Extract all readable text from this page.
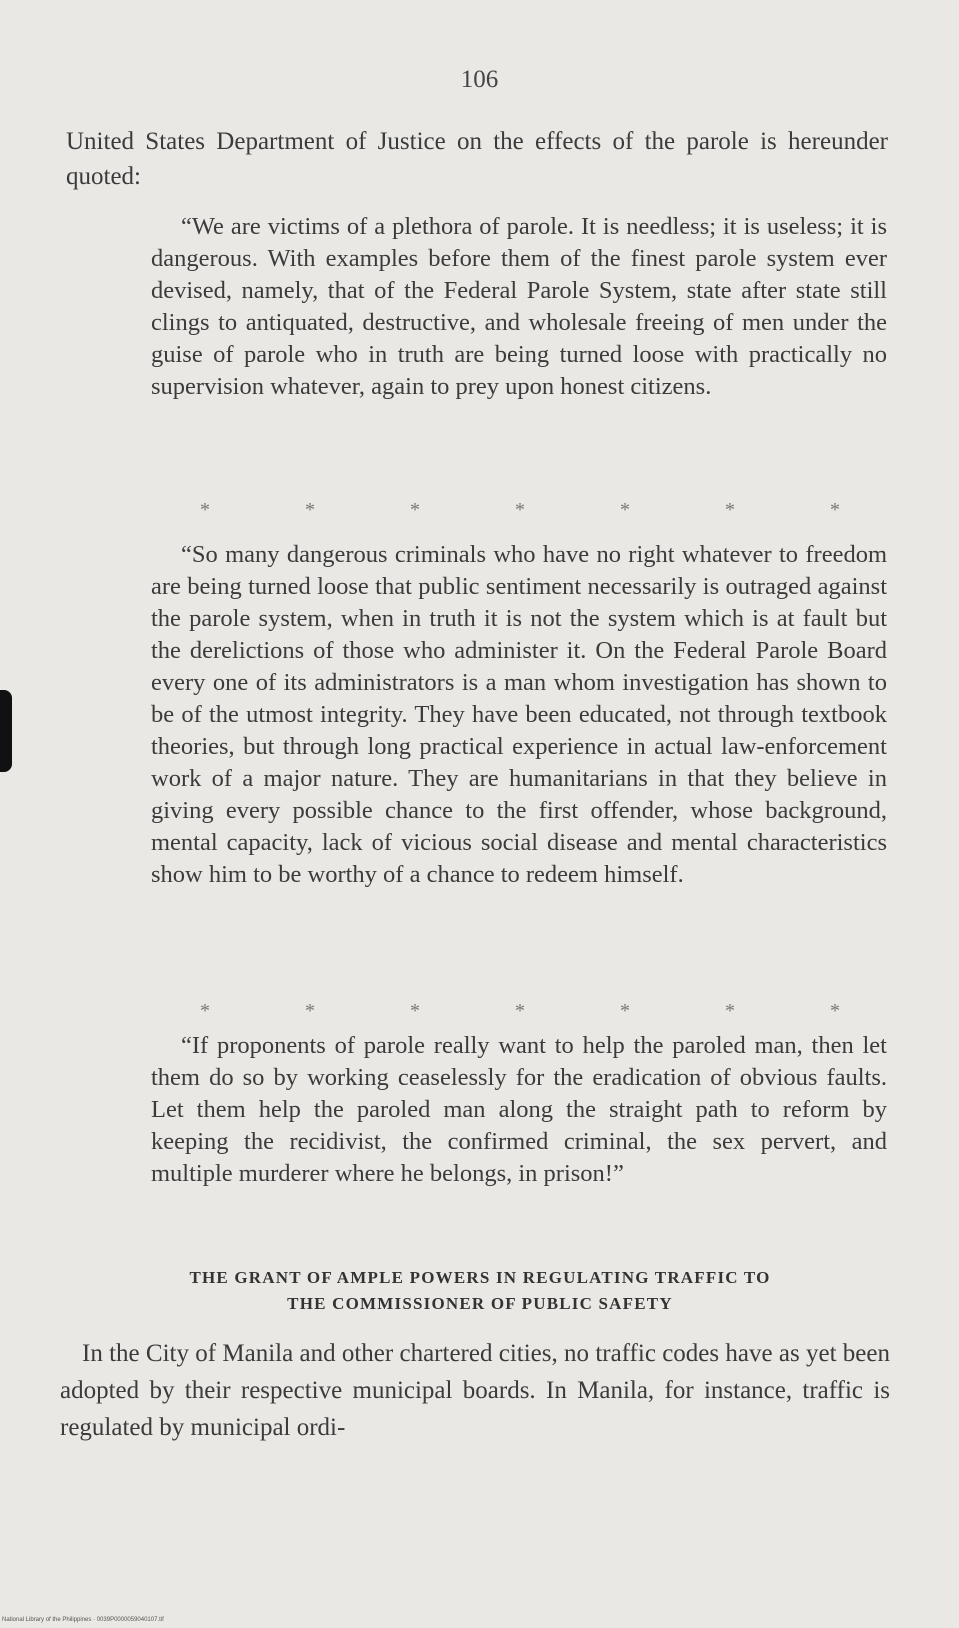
106
United States Department of Justice on the effects of the parole is hereunder quoted:

“We are victims of a plethora of parole. It is needless; it is useless; it is dangerous. With examples before them of the finest parole system ever devised, namely, that of the Federal Parole System, state after state still clings to antiquated, destructive, and wholesale freeing of men under the guise of parole who in truth are being turned loose with practically no supervision whatever, again to prey upon honest citizens.

*	*	*	*	*	*	*

“So many dangerous criminals who have no right whatever to freedom are being turned loose that public sentiment necessarily is outraged against the parole system, when in truth it is not the system which is at fault but the derelictions of those who administer it. On the Federal Parole Board every one of its administrators is a man whom investigation has shown to be of the utmost integrity. They have been educated, not through textbook theories, but through long practical experience in actual law-enforcement work of a major nature. They are humanitarians in that they believe in giving every possible chance to the first offender, whose background, mental capacity, lack of vicious social disease and mental characteristics show him to be worthy of a chance to redeem himself.

*	*	*	*	*	*	*

“If proponents of parole really want to help the paroled man, then let them do so by working ceaselessly for the eradication of obvious faults. Let them help the paroled man along the straight path to reform by keeping the recidivist, the confirmed criminal, the sex pervert, and multiple murderer where he belongs, in prison!”

THE GRANT OF AMPLE POWERS IN REGULATING TRAFFIC TO
THE COMMISSIONER OF PUBLIC SAFETY

In the City of Manila and other chartered cities, no traffic codes have as yet been adopted by their respective municipal boards. In Manila, for instance, traffic is regulated by municipal ordi-

National Library of the Philippines · 0039P0000059040107.tif
